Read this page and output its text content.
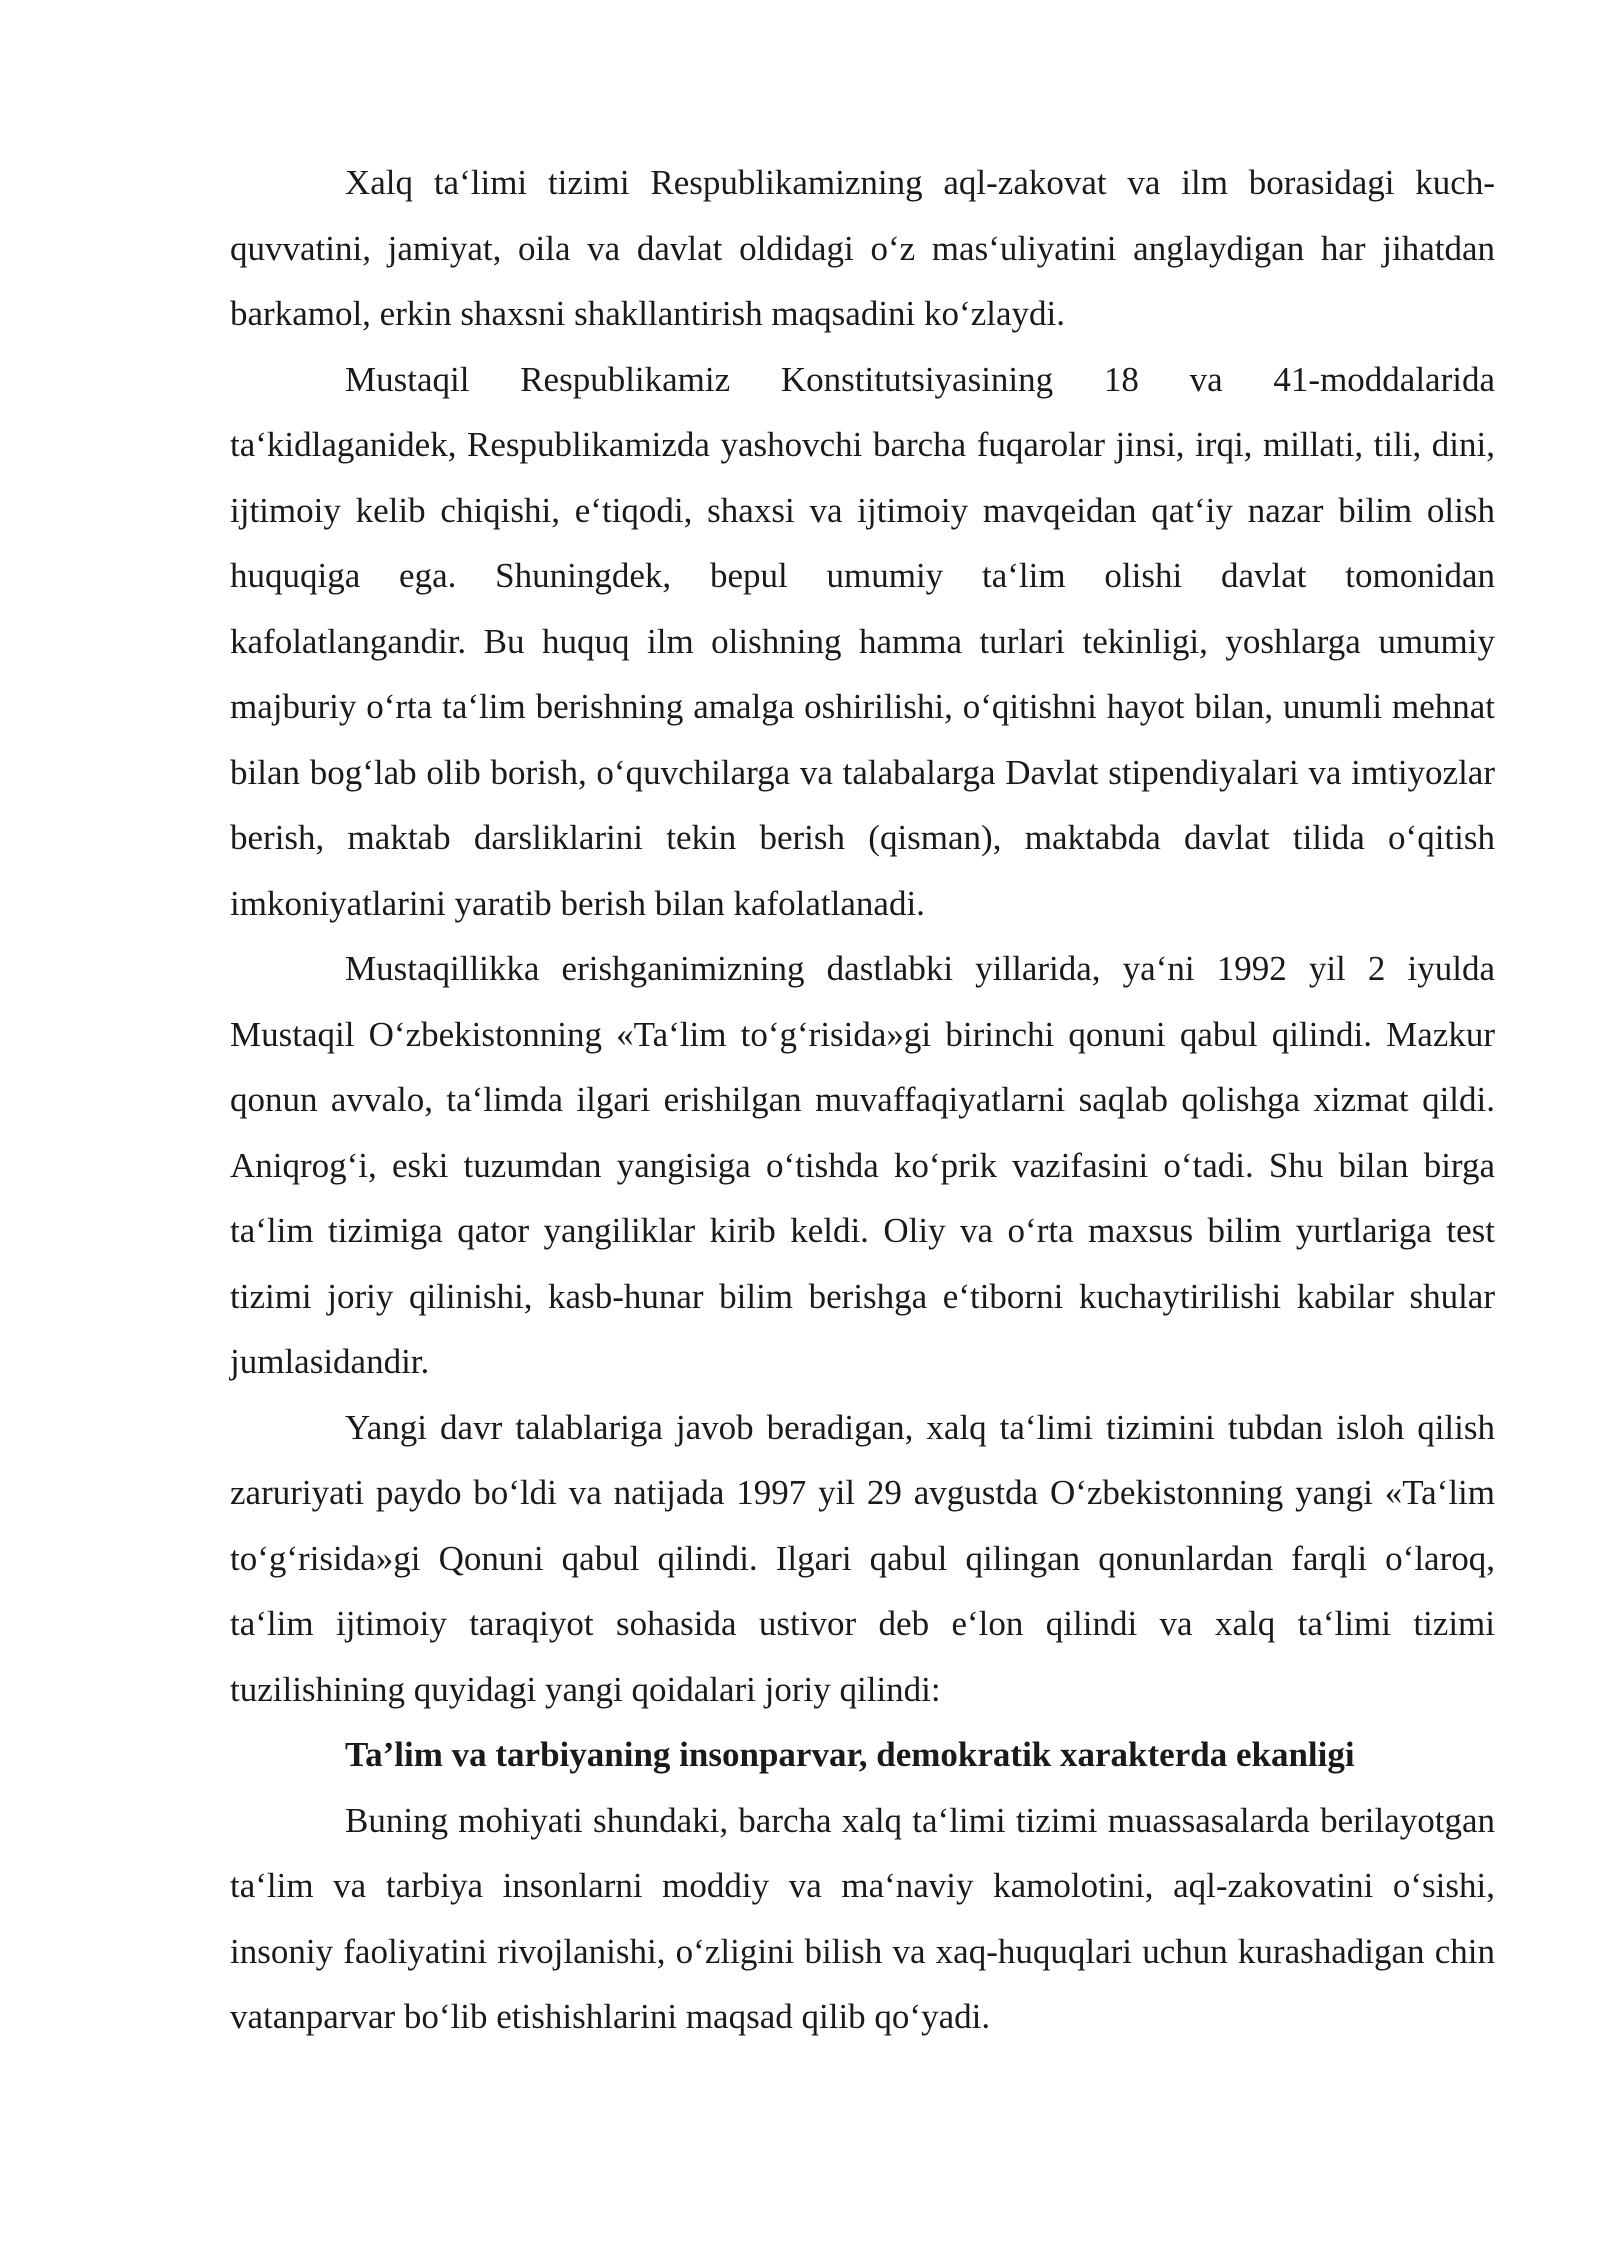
Xalq taʻlimi tizimi Respublikamizning aql-zakovat va ilm borasidagi kuch-quvvatini, jamiyat, oila va davlat oldidagi oʻz masʻuliyatini anglaydigan har jihatdan barkamol, erkin shaxsni shakllantirish maqsadini koʻzlaydi.

Mustaqil Respublikamiz Konstitutsiyasining 18 va 41-moddalarida taʻkidlaganidek, Respublikamizda yashovchi barcha fuqarolar jinsi, irqi, millati, tili, dini, ijtimoiy kelib chiqishi, eʻtiqodi, shaxsi va ijtimoiy mavqeidan qatʻiy nazar bilim olish huquqiga ega. Shuningdek, bepul umumiy taʻlim olishi davlat tomonidan kafolatlangandir. Bu huquq ilm olishning hamma turlari tekinligi, yoshlarga umumiy majburiy oʻrta taʻlim berishning amalga oshirilishi, oʻqitishni hayot bilan, unumli mehnat bilan bogʻlab olib borish, oʻquvchilarga va talabalarga Davlat stipendiyalari va imtiyozlar berish, maktab darsliklarini tekin berish (qisman), maktabda davlat tilida oʻqitish imkoniyatlarini yaratib berish bilan kafolatlanadi.

Mustaqillikka erishganimizning dastlabki yillarida, yaʻni 1992 yil 2 iyulda Mustaqil Oʻzbekistonning «Taʻlim toʻgʻrisida»gi birinchi qonuni qabul qilindi. Mazkur qonun avvalo, taʻlimda ilgari erishilgan muvaffaqiyatlarni saqlab qolishga xizmat qildi. Aniqrogʻi, eski tuzumdan yangisiga oʻtishda koʻprik vazifasini oʻtadi. Shu bilan birga taʻlim tizimiga qator yangiliklar kirib keldi. Oliy va oʻrta maxsus bilim yurtlariga test tizimi joriy qilinishi, kasb-hunar bilim berishga eʻtiborni kuchaytirilishi kabilar shular jumlasidandir.

Yangi davr talablariga javob beradigan, xalq taʻlimi tizimini tubdan isloh qilish zaruriyati paydo boʻldi va natijada 1997 yil 29 avgustda Oʻzbekistonning yangi «Taʻlim toʻgʻrisida»gi Qonuni qabul qilindi. Ilgari qabul qilingan qonunlardan farqli oʻlaroq, taʻlim ijtimoiy taraqiyot sohasida ustivor deb eʻlon qilindi va xalq taʻlimi tizimi tuzilishining quyidagi yangi qoidalari joriy qilindi:

Ta’lim va tarbiyaning insonparvar, demokratik xarakterda ekanligi

Buning mohiyati shundaki, barcha xalq taʻlimi tizimi muassasalarda berilayotgan taʻlim va tarbiya insonlarni moddiy va maʻnaviy kamolotini, aql-zakovatini oʻsishi, insoniy faoliyatini rivojlanishi, oʻzligini bilish va xaq-huquqlari uchun kurashadigan chin vatanparvar boʻlib etishishlarini maqsad qilib qoʻyadi.
